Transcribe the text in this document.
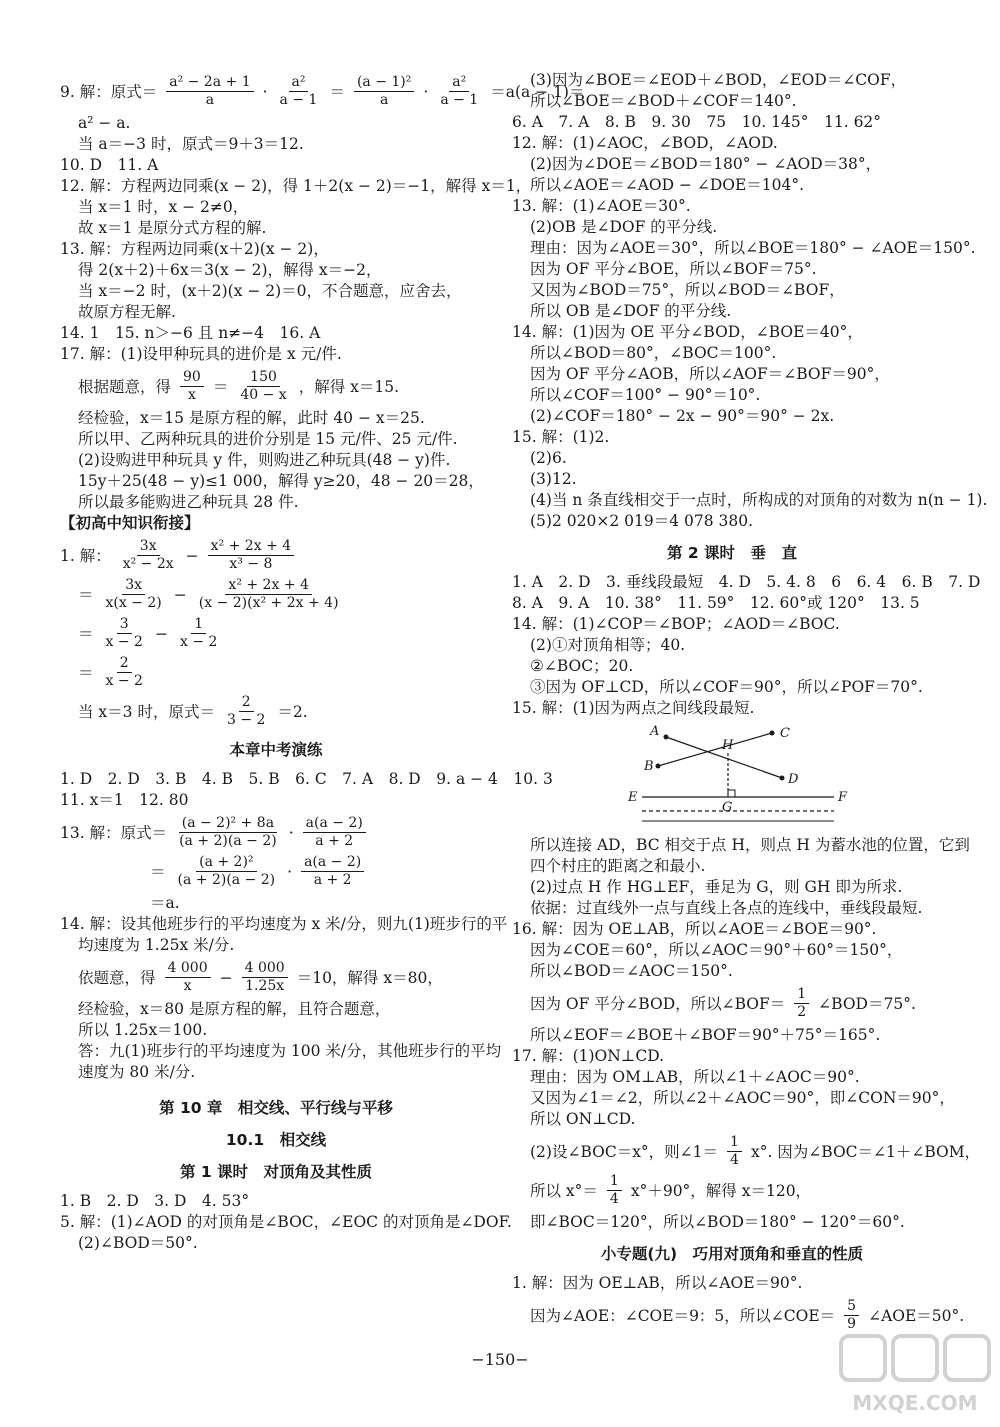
9. 解：原式＝ $\frac{\text{a² − 2a + 1}}{a} \cdot \frac{\text{a²}}{a - 1} = \frac{\text{(a − 1)²}}{a} \cdot \frac{\text{a²}}{a - 1} =a(a - 1)=$
a² − a.
当 a＝−3 时，原式＝9＋3＝12.
10. D　11. A
12. 解：方程两边同乘(x − 2)，得 1＋2(x − 2)＝−1，解得 x＝1，
当 x＝1 时，x − 2≠0，
故 x＝1 是原分式方程的解.
13. 解：方程两边同乘(x＋2)(x − 2)，
得 2(x＋2)＋6x＝3(x − 2)，解得 x＝−2，
当 x＝−2 时，(x＋2)(x − 2)＝0，不合题意，应舍去，
故原方程无解.
14. 1　15. n＞−6 且 n≠−4　16. A
17. 解：(1)设甲种玩具的进价是 x 元/件.
根据题意，得 $\frac{90}{x} = \frac{150}{40 - x}$ ，解得 x＝15.
经检验，x＝15 是原方程的解，此时 40 − x＝25.
所以甲、乙两种玩具的进价分别是 15 元/件、25 元/件.
(2)设购进甲种玩具 y 件，则购进乙种玩具(48 − y)件.
15y＋25(48 − y)≤1 000，解得 y≥20，48 − 20＝28，
所以最多能购进乙种玩具 28 件.
【初高中知识衔接】
1. 解： $\frac{3x}{\text{x² − 2x}} - \frac{\text{x² + 2x + 4}}{\text{x³ − 8}}$
＝ $\frac{3x}{x(x - 2)} - \frac{\text{x² + 2x + 4}}{\text{(x − 2)(x² + 2x + 4)}}$
＝ $\frac{3}{x - 2} - \frac{1}{x - 2}$
＝ $\frac{2}{x - 2}$
当 x＝3 时，原式＝ $\frac{2}{3 - 2} =2$.
本章中考演练
1. D　2. D　3. B　4. B　5. B　6. C　7. A　8. D　9. a − 4　10. 3
11. x＝1　12. 80
13. 解：原式＝ $\frac{\text{(a − 2)² + 8a}}{(a + 2)(a - 2)} \cdot \frac{a(a - 2)}{a + 2}$
＝ $\frac{\text{(a + 2)²}}{(a + 2)(a - 2)} \cdot \frac{a(a - 2)}{a + 2}$
＝a.
14. 解：设其他班步行的平均速度为 x 米/分，则九(1)班步行的平
均速度为 1.25x 米/分.
依题意，得 $\frac{4 000}{x} - \frac{4 000}{1.25x} =10$，解得 x＝80，
经检验，x＝80 是原方程的解，且符合题意，
所以 1.25x＝100.
答：九(1)班步行的平均速度为 100 米/分，其他班步行的平均
速度为 80 米/分.
第 10 章　相交线、平行线与平移
10.1　相交线
第 1 课时　对顶角及其性质
1. B　2. D　3. D　4. 53°
5. 解：(1)∠AOD 的对顶角是∠BOC，∠EOC 的对顶角是∠DOF.
(2)∠BOD＝50°.
(3)因为∠BOE＝∠EOD＋∠BOD，∠EOD＝∠COF，
所以∠BOE＝∠BOD＋∠COF＝140°.
6. A　7. A　8. B　9. 30　75　10. 145°　11. 62°
12. 解：(1)∠AOC，∠BOD，∠AOD.
(2)因为∠DOE＝∠BOD＝180° − ∠AOD＝38°，
所以∠AOE＝∠AOD − ∠DOE＝104°.
13. 解：(1)∠AOE＝30°.
(2)OB 是∠DOF 的平分线.
理由：因为∠AOE＝30°，所以∠BOE＝180° − ∠AOE＝150°.
因为 OF 平分∠BOE，所以∠BOF＝75°.
又因为∠BOD＝75°，所以∠BOD＝∠BOF，
所以 OB 是∠DOF 的平分线.
14. 解：(1)因为 OE 平分∠BOD，∠BOE＝40°，
所以∠BOD＝80°，∠BOC＝100°.
因为 OF 平分∠AOB，所以∠AOF＝∠BOF＝90°，
所以∠COF＝100° − 90°＝10°.
(2)∠COF＝180° − 2x − 90°＝90° − 2x.
15. 解：(1)2.
(2)6.
(3)12.
(4)当 n 条直线相交于一点时，所构成的对顶角的对数为 n(n − 1).
(5)2 020×2 019＝4 078 380.
第 2 课时　垂　直
1. A　2. D　3. 垂线段最短　4. D　5. 4. 8　6　6. 4　6. B　7. D
8. A　9. A　10. 38°　11. 59°　12. 60°或 120°　13. 5
14. 解：(1)∠COP＝∠BOP；∠AOD＝∠BOC.
(2)①对顶角相等；40.
②∠BOC；20.
③因为 OF⊥CD，所以∠COF＝90°，所以∠POF＝70°.
15. 解：(1)因为两点之间线段最短.
A
B
C
D
E	F
G
H
所以连接 AD，BC 相交于点 H，则点 H 为蓄水池的位置，它到
四个村庄的距离之和最小.
(2)过点 H 作 HG⊥EF，垂足为 G，则 GH 即为所求.
依据：过直线外一点与直线上各点的连线中，垂线段最短.
16. 解：因为 OE⊥AB，所以∠AOE＝∠BOE＝90°.
因为∠COE＝60°，所以∠AOC＝90°＋60°＝150°，
所以∠BOD＝∠AOC＝150°.
因为 OF 平分∠BOD，所以∠BOF＝ $\frac{1}{2}$ ∠BOD＝75°.
所以∠EOF＝∠BOE＋∠BOF＝90°＋75°＝165°.
17. 解：(1)ON⊥CD.
理由：因为 OM⊥AB，所以∠1＋∠AOC＝90°.
又因为∠1＝∠2，所以∠2＋∠AOC＝90°，即∠CON＝90°，
所以 ON⊥CD.
(2)设∠BOC＝x°，则∠1＝ $\frac{1}{4} x^\circ$. 因为∠BOC＝∠1＋∠BOM，
所以 $x^\circ= \frac{1}{4} x^\circ+90^\circ$，解得 x＝120，
即∠BOC＝120°，所以∠BOD＝180° − 120°＝60°.
小专题(九)　巧用对顶角和垂直的性质
1. 解：因为 OE⊥AB，所以∠AOE＝90°.
因为∠AOE：∠COE＝9：5，所以∠COE＝ $\frac{5}{9}$ ∠AOE＝50°.
−150−
MXQE.COM
